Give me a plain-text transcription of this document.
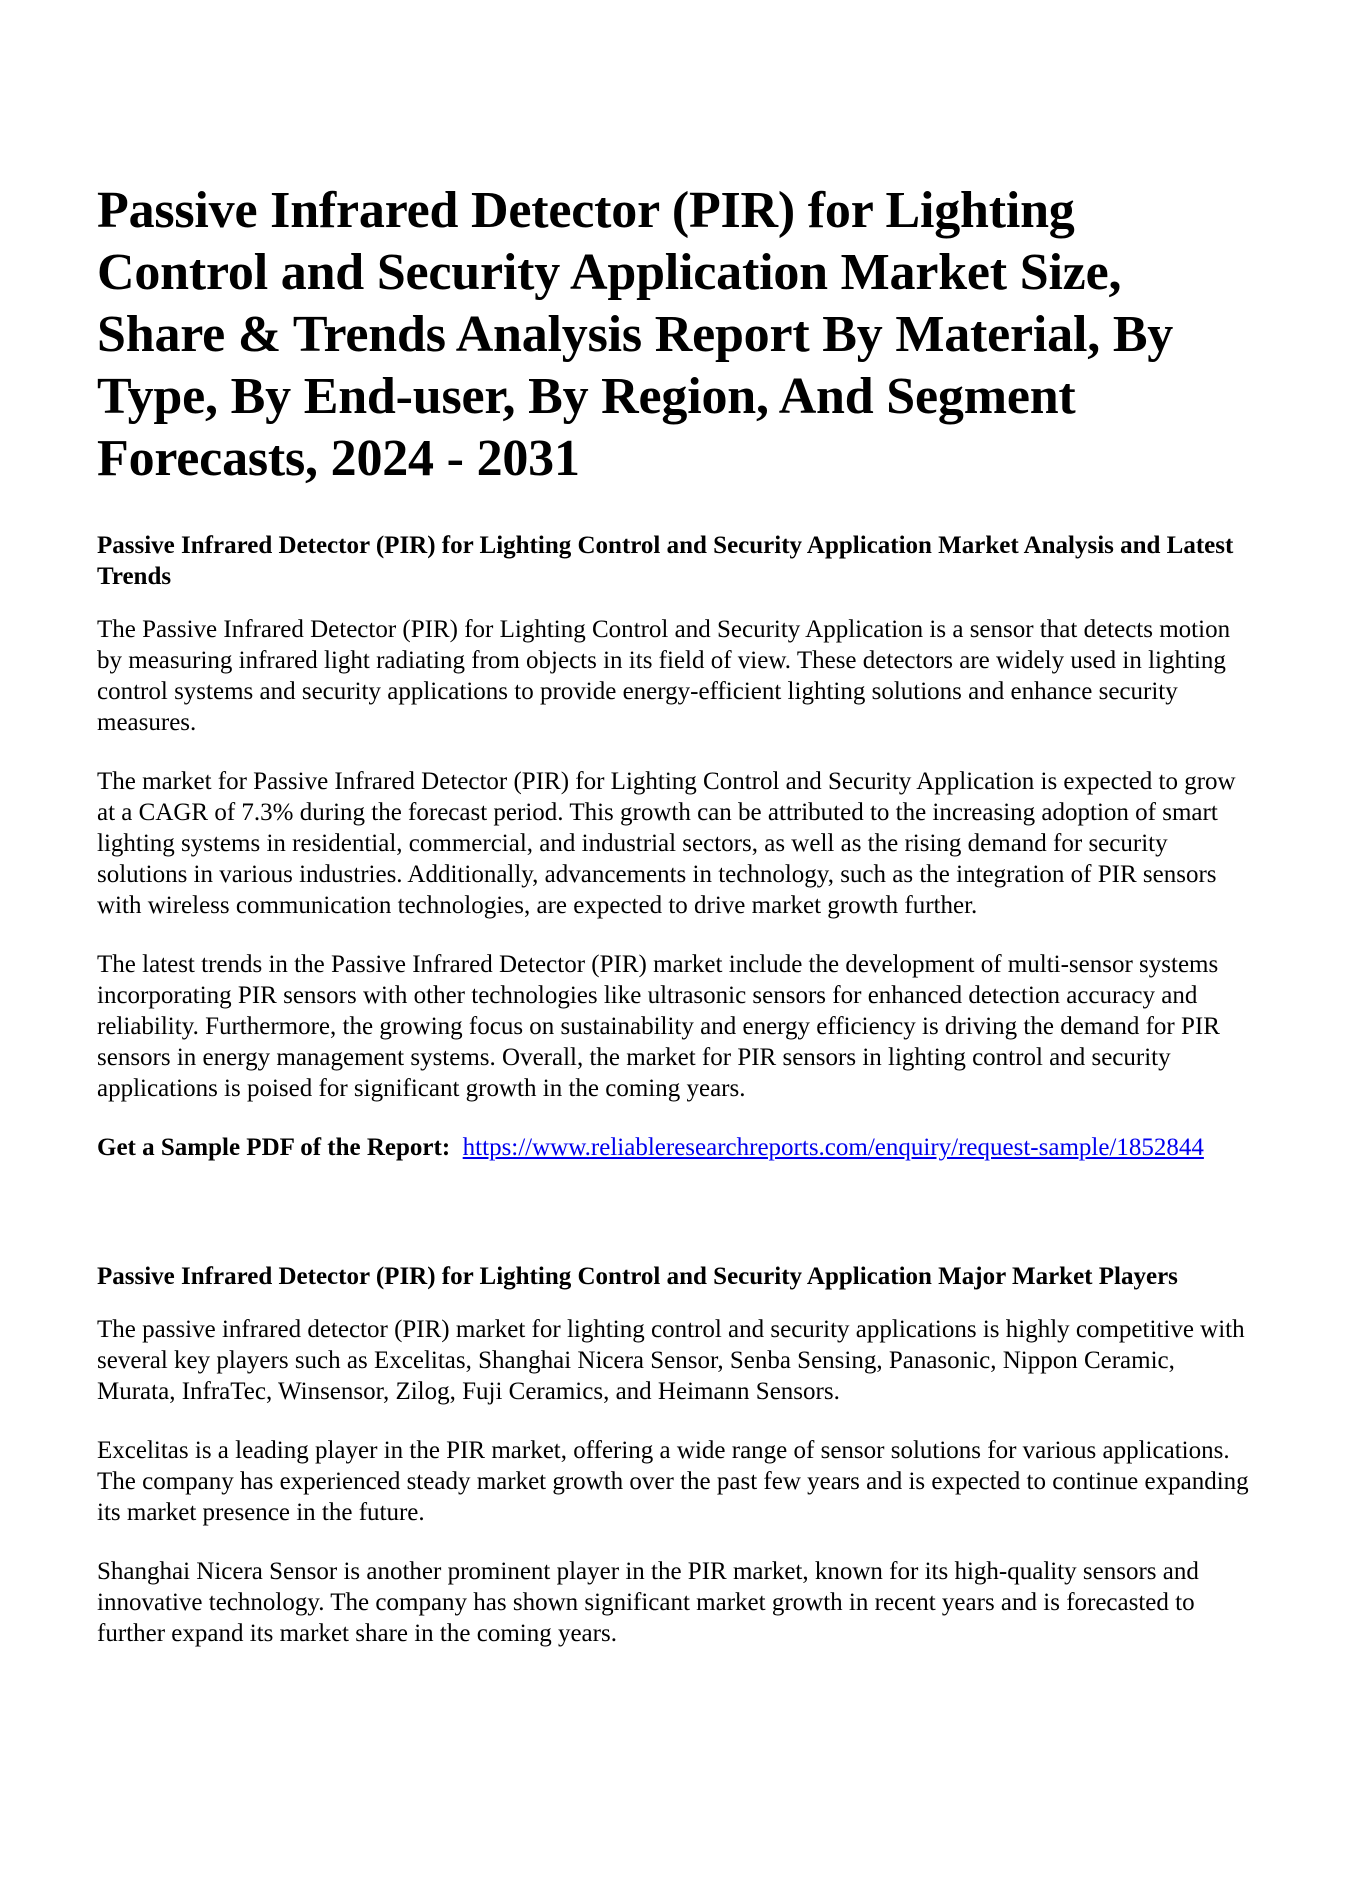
Passive Infrared Detector (PIR) for Lighting Control and Security Application Market Size, Share & Trends Analysis Report By Material, By Type, By End-user, By Region, And Segment Forecasts, 2024 - 2031
Passive Infrared Detector (PIR) for Lighting Control and Security Application Market Analysis and Latest Trends

The Passive Infrared Detector (PIR) for Lighting Control and Security Application is a sensor that detects motion by measuring infrared light radiating from objects in its field of view. These detectors are widely used in lighting control systems and security applications to provide energy-efficient lighting solutions and enhance security measures.

The market for Passive Infrared Detector (PIR) for Lighting Control and Security Application is expected to grow at a CAGR of 7.3% during the forecast period. This growth can be attributed to the increasing adoption of smart lighting systems in residential, commercial, and industrial sectors, as well as the rising demand for security solutions in various industries. Additionally, advancements in technology, such as the integration of PIR sensors with wireless communication technologies, are expected to drive market growth further.

The latest trends in the Passive Infrared Detector (PIR) market include the development of multi-sensor systems incorporating PIR sensors with other technologies like ultrasonic sensors for enhanced detection accuracy and reliability. Furthermore, the growing focus on sustainability and energy efficiency is driving the demand for PIR sensors in energy management systems. Overall, the market for PIR sensors in lighting control and security applications is poised for significant growth in the coming years.

Get a Sample PDF of the Report: https://www.reliableresearchreports.com/enquiry/request-sample/1852844

Passive Infrared Detector (PIR) for Lighting Control and Security Application Major Market Players

The passive infrared detector (PIR) market for lighting control and security applications is highly competitive with several key players such as Excelitas, Shanghai Nicera Sensor, Senba Sensing, Panasonic, Nippon Ceramic, Murata, InfraTec, Winsensor, Zilog, Fuji Ceramics, and Heimann Sensors.

Excelitas is a leading player in the PIR market, offering a wide range of sensor solutions for various applications. The company has experienced steady market growth over the past few years and is expected to continue expanding its market presence in the future.

Shanghai Nicera Sensor is another prominent player in the PIR market, known for its high-quality sensors and innovative technology. The company has shown significant market growth in recent years and is forecasted to further expand its market share in the coming years.
